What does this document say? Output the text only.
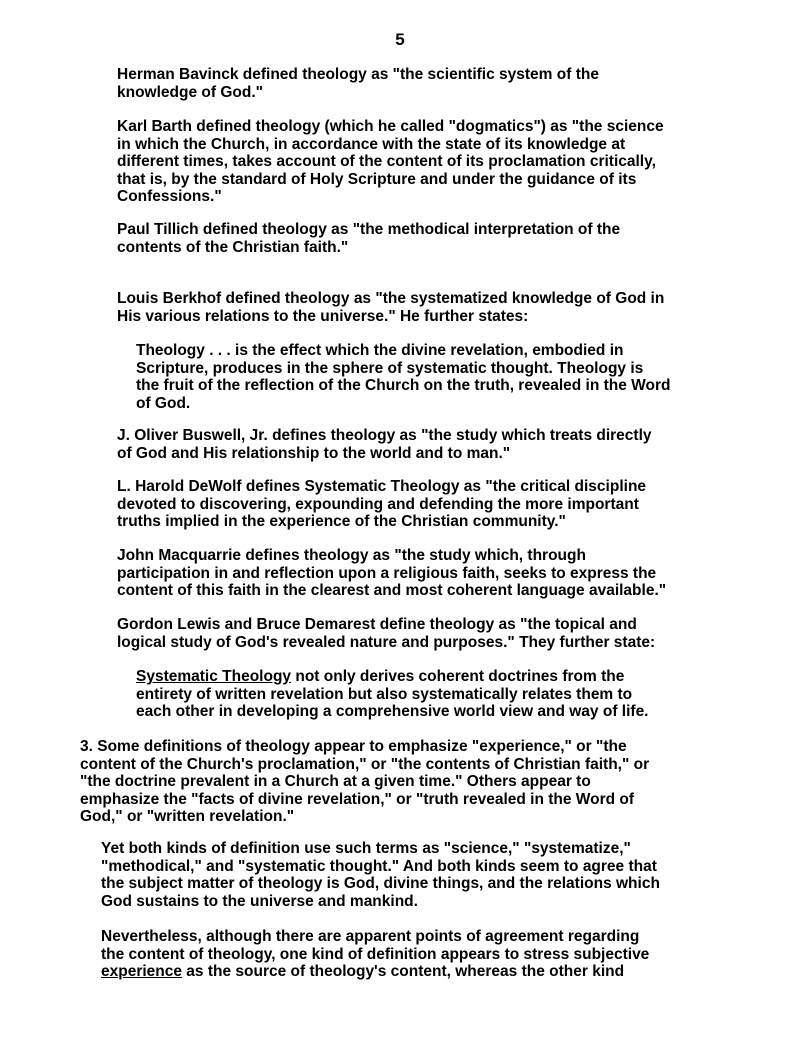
5

Herman Bavinck defined theology as "the scientific system of the
knowledge of God."

Karl Barth defined theology (which he called "dogmatics") as "the science
in which the Church, in accordance with the state of its knowledge at
different times, takes account of the content of its proclamation critically,
that is, by the standard of Holy Scripture and under the guidance of its
Confessions."

Paul Tillich defined theology as "the methodical interpretation of the
contents of the Christian faith."

Louis Berkhof defined theology as "the systematized knowledge of God in
His various relations to the universe." He further states:

Theology . . . is the effect which the divine revelation, embodied in
Scripture, produces in the sphere of systematic thought. Theology is
the fruit of the reflection of the Church on the truth, revealed in the Word
of God.

J. Oliver Buswell, Jr. defines theology as "the study which treats directly
of God and His relationship to the world and to man."

L. Harold DeWolf defines Systematic Theology as "the critical discipline
devoted to discovering, expounding and defending the more important
truths implied in the experience of the Christian community."

John Macquarrie defines theology as "the study which, through
participation in and reflection upon a religious faith, seeks to express the
content of this faith in the clearest and most coherent language available."

Gordon Lewis and Bruce Demarest define theology as "the topical and
logical study of God's revealed nature and purposes." They further state:

Systematic Theology not only derives coherent doctrines from the
entirety of written revelation but also systematically relates them to
each other in developing a comprehensive world view and way of life.

3. Some definitions of theology appear to emphasize "experience," or "the
content of the Church's proclamation," or "the contents of Christian faith," or
"the doctrine prevalent in a Church at a given time." Others appear to
emphasize the "facts of divine revelation," or "truth revealed in the Word of
God," or "written revelation."

Yet both kinds of definition use such terms as "science," "systematize,"
"methodical," and "systematic thought." And both kinds seem to agree that
the subject matter of theology is God, divine things, and the relations which
God sustains to the universe and mankind.

Nevertheless, although there are apparent points of agreement regarding
the content of theology, one kind of definition appears to stress subjective
experience as the source of theology's content, whereas the other kind
